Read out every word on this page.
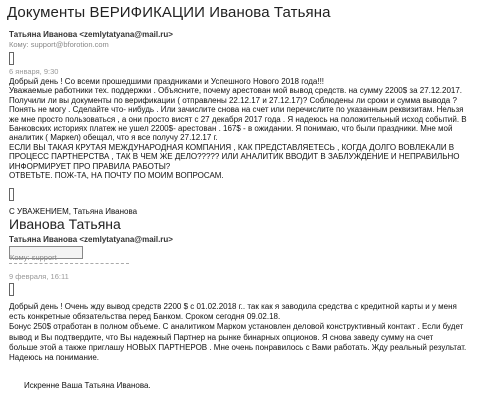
Документы ВЕРИФИКАЦИИ Иванова Татьяна
Татьяна Иванова <zemlytatyana@mail.ru>
Кому: support@bforotion.com
6 января, 9:30

Добрый день ! Со всеми прошедшими праздниками и Успешного Нового 2018 года!!!

Уважаемые работники тех. поддержки . Объясните, почему арестован мой вывод средств. на сумму 2200$ за 27.12.2017.

Получили ли вы документы по верификации ( отправлены 22.12.17 и 27.12.17)? Соблюдены ли сроки и сумма вывода ?

Понять не могу . Сделайте что- нибудь . Или зачислите снова на счет или перечислите по указанным реквизитам. Нельзя

же мне просто пользоваться , а они просто висят с 27 декабря 2017 года . Я надеюсь на положительный исход событий. В

Банковских историях платеж не ушел 2200$- арестован . 167$ - в ожидании. Я понимаю, что были праздники. Мне мой

аналитик ( Маркел) обещал, что я все получу 27.12.17 г.

ЕСЛИ ВЫ ТАКАЯ КРУТАЯ МЕЖДУНАРОДНАЯ КОМПАНИЯ , КАК ПРЕДСТАВЛЯЕТЕСЬ , КОГДА ДОЛГО ВОВЛЕКАЛИ В

ПРОЦЕСС ПАРТНЕРСТВА , ТАК В ЧЕМ ЖЕ ДЕЛО????? ИЛИ АНАЛИТИК ВВОДИТ В ЗАБЛУЖДЕНИЕ И НЕПРАВИЛЬНО

ИНФОРМИРУЕТ ПРО ПРАВИЛА РАБОТЫ?

ОТВЕТЬТЕ. ПОЖ-ТА, НА ПОЧТУ ПО МОИМ ВОПРОСАМ.

С УВАЖЕНИЕМ, Татьяна Иванова
Иванова Татьяна
Татьяна Иванова <zemlytatyana@mail.ru>
Кому: support
9 февраля, 16:11

Добрый день ! Очень жду вывод средств 2200 $ с 01.02.2018 г.. так как я заводила средства с кредитной карты и у меня

есть конкретные обязательства перед Банком. Сроком сегодня 09.02.18.

Бонус 250$ отработан в полном объеме. С аналитиком Марком установлен деловой конструктивный контакт . Если будет

вывод и Вы подтвердите, что Вы надежный Партнер на рынке бинарных опционов. Я снова заведу сумму на счет

больше этой а также приглашу НОВЫХ ПАРТНЕРОВ . Мне очень понравилось с Вами работать. Жду реальный результат.

Надеюсь на понимание.

Искренне Ваша Татьяна Иванова.
